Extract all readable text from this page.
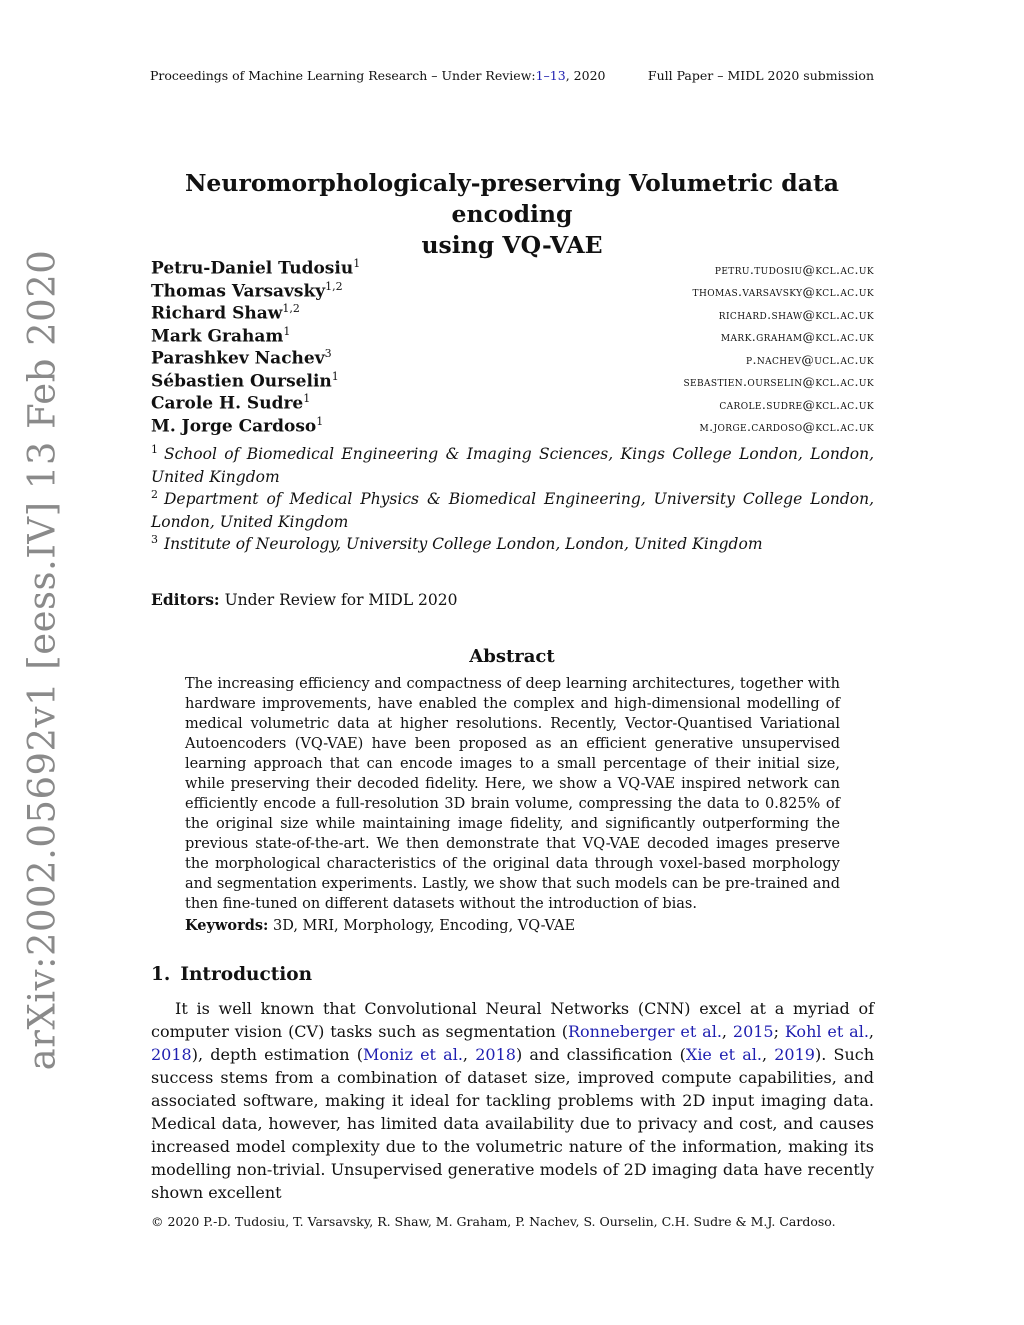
Proceedings of Machine Learning Research – Under Review:1–13, 2020	Full Paper – MIDL 2020 submission
arXiv:2002.05692v1 [eess.IV] 13 Feb 2020
Neuromorphologicaly-preserving Volumetric data encoding
using VQ-VAE
Petru-Daniel Tudosiu$^1$	petru.tudosiu@kcl.ac.uk
Thomas Varsavsky$^{1,2}$	thomas.varsavsky@kcl.ac.uk
Richard Shaw$^{1,2}$	richard.shaw@kcl.ac.uk
Mark Graham$^1$	mark.graham@kcl.ac.uk
Parashkev Nachev$^3$	p.nachev@ucl.ac.uk
Sébastien Ourselin$^1$	sebastien.ourselin@kcl.ac.uk
Carole H. Sudre$^1$	carole.sudre@kcl.ac.uk
M. Jorge Cardoso$^1$	m.jorge.cardoso@kcl.ac.uk
$^1$ School of Biomedical Engineering & Imaging Sciences, Kings College London, London, United Kingdom
$^2$ Department of Medical Physics & Biomedical Engineering, University College London, London, United Kingdom
$^3$ Institute of Neurology, University College London, London, United Kingdom
Editors: Under Review for MIDL 2020
Abstract
The increasing efficiency and compactness of deep learning architectures, together with hardware improvements, have enabled the complex and high-dimensional modelling of medical volumetric data at higher resolutions. Recently, Vector-Quantised Variational Autoencoders (VQ-VAE) have been proposed as an efficient generative unsupervised learning approach that can encode images to a small percentage of their initial size, while preserving their decoded fidelity. Here, we show a VQ-VAE inspired network can efficiently encode a full-resolution 3D brain volume, compressing the data to 0.825% of the original size while maintaining image fidelity, and significantly outperforming the previous state-of-the-art. We then demonstrate that VQ-VAE decoded images preserve the morphological characteristics of the original data through voxel-based morphology and segmentation experiments. Lastly, we show that such models can be pre-trained and then fine-tuned on different datasets without the introduction of bias.
Keywords: 3D, MRI, Morphology, Encoding, VQ-VAE
1. Introduction
It is well known that Convolutional Neural Networks (CNN) excel at a myriad of computer vision (CV) tasks such as segmentation (Ronneberger et al., 2015; Kohl et al., 2018), depth estimation (Moniz et al., 2018) and classification (Xie et al., 2019). Such success stems from a combination of dataset size, improved compute capabilities, and associated software, making it ideal for tackling problems with 2D input imaging data. Medical data, however, has limited data availability due to privacy and cost, and causes increased model complexity due to the volumetric nature of the information, making its modelling non-trivial. Unsupervised generative models of 2D imaging data have recently shown excellent
© 2020 P.-D. Tudosiu, T. Varsavsky, R. Shaw, M. Graham, P. Nachev, S. Ourselin, C.H. Sudre & M.J. Cardoso.
